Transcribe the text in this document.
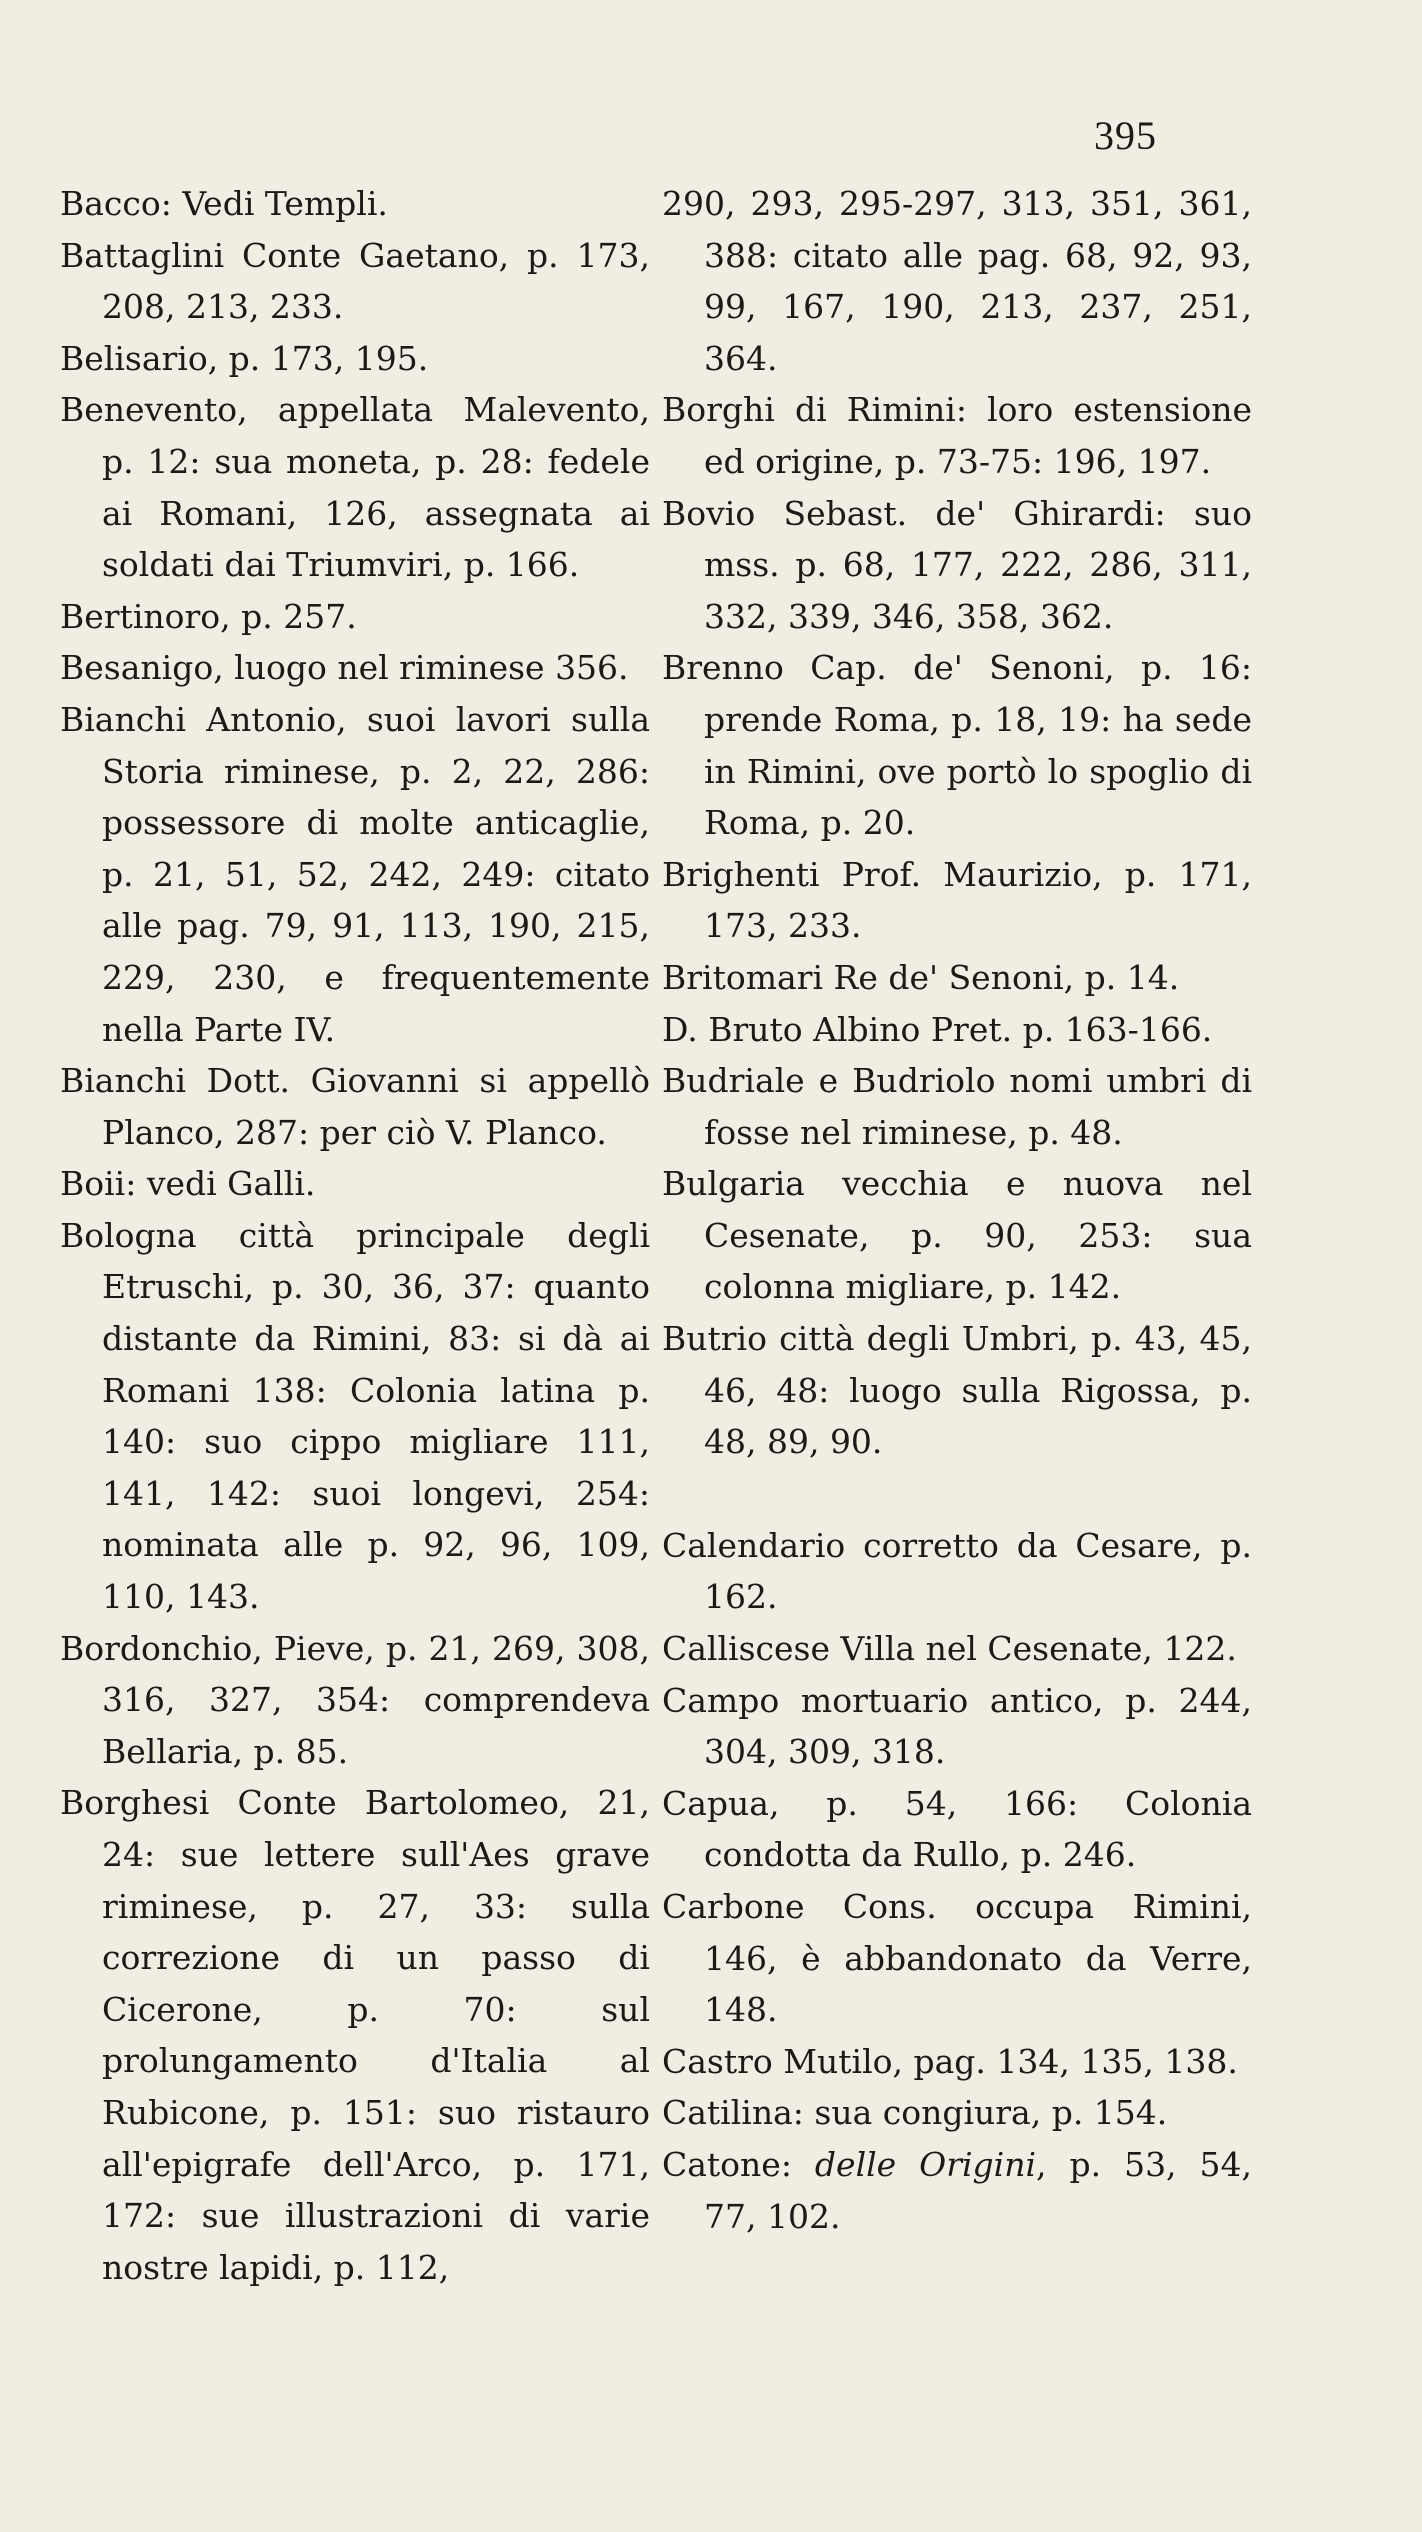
395

Bacco: Vedi Templi.

Battaglini Conte Gaetano, p. 173, 208, 213, 233.

Belisario, p. 173, 195.

Benevento, appellata Malevento, p. 12: sua moneta, p. 28: fedele ai Romani, 126, assegnata ai soldati dai Triumviri, p. 166.

Bertinoro, p. 257.

Besanigo, luogo nel riminese 356.

Bianchi Antonio, suoi lavori sulla Storia riminese, p. 2, 22, 286: possessore di molte anticaglie, p. 21, 51, 52, 242, 249: citato alle pag. 79, 91, 113, 190, 215, 229, 230, e frequentemente nella Parte IV.

Bianchi Dott. Giovanni si appellò Planco, 287: per ciò V. Planco.

Boii: vedi Galli.

Bologna città principale degli Etruschi, p. 30, 36, 37: quanto distante da Rimini, 83: si dà ai Romani 138: Colonia latina p. 140: suo cippo migliare 111, 141, 142: suoi longevi, 254: nominata alle p. 92, 96, 109, 110, 143.

Bordonchio, Pieve, p. 21, 269, 308, 316, 327, 354: comprendeva Bellaria, p. 85.

Borghesi Conte Bartolomeo, 21, 24: sue lettere sull'Aes grave riminese, p. 27, 33: sulla correzione di un passo di Cicerone, p. 70: sul prolungamento d'Italia al Rubicone, p. 151: suo ristauro all'epigrafe dell'Arco, p. 171, 172: sue illustrazioni di varie nostre lapidi, p. 112,

290, 293, 295-297, 313, 351, 361, 388: citato alle pag. 68, 92, 93, 99, 167, 190, 213, 237, 251, 364.

Borghi di Rimini: loro estensione ed origine, p. 73-75: 196, 197.

Bovio Sebast. de' Ghirardi: suo mss. p. 68, 177, 222, 286, 311, 332, 339, 346, 358, 362.

Brenno Cap. de' Senoni, p. 16: prende Roma, p. 18, 19: ha sede in Rimini, ove portò lo spoglio di Roma, p. 20.

Brighenti Prof. Maurizio, p. 171, 173, 233.

Britomari Re de' Senoni, p. 14.

D. Bruto Albino Pret. p. 163-166.

Budriale e Budriolo nomi umbri di fosse nel riminese, p. 48.

Bulgaria vecchia e nuova nel Cesenate, p. 90, 253: sua colonna migliare, p. 142.

Butrio città degli Umbri, p. 43, 45, 46, 48: luogo sulla Rigossa, p. 48, 89, 90.

Calendario corretto da Cesare, p. 162.

Calliscese Villa nel Cesenate, 122.

Campo mortuario antico, p. 244, 304, 309, 318.

Capua, p. 54, 166: Colonia condotta da Rullo, p. 246.

Carbone Cons. occupa Rimini, 146, è abbandonato da Verre, 148.

Castro Mutilo, pag. 134, 135, 138.

Catilina: sua congiura, p. 154.

Catone: delle Origini, p. 53, 54, 77, 102.
